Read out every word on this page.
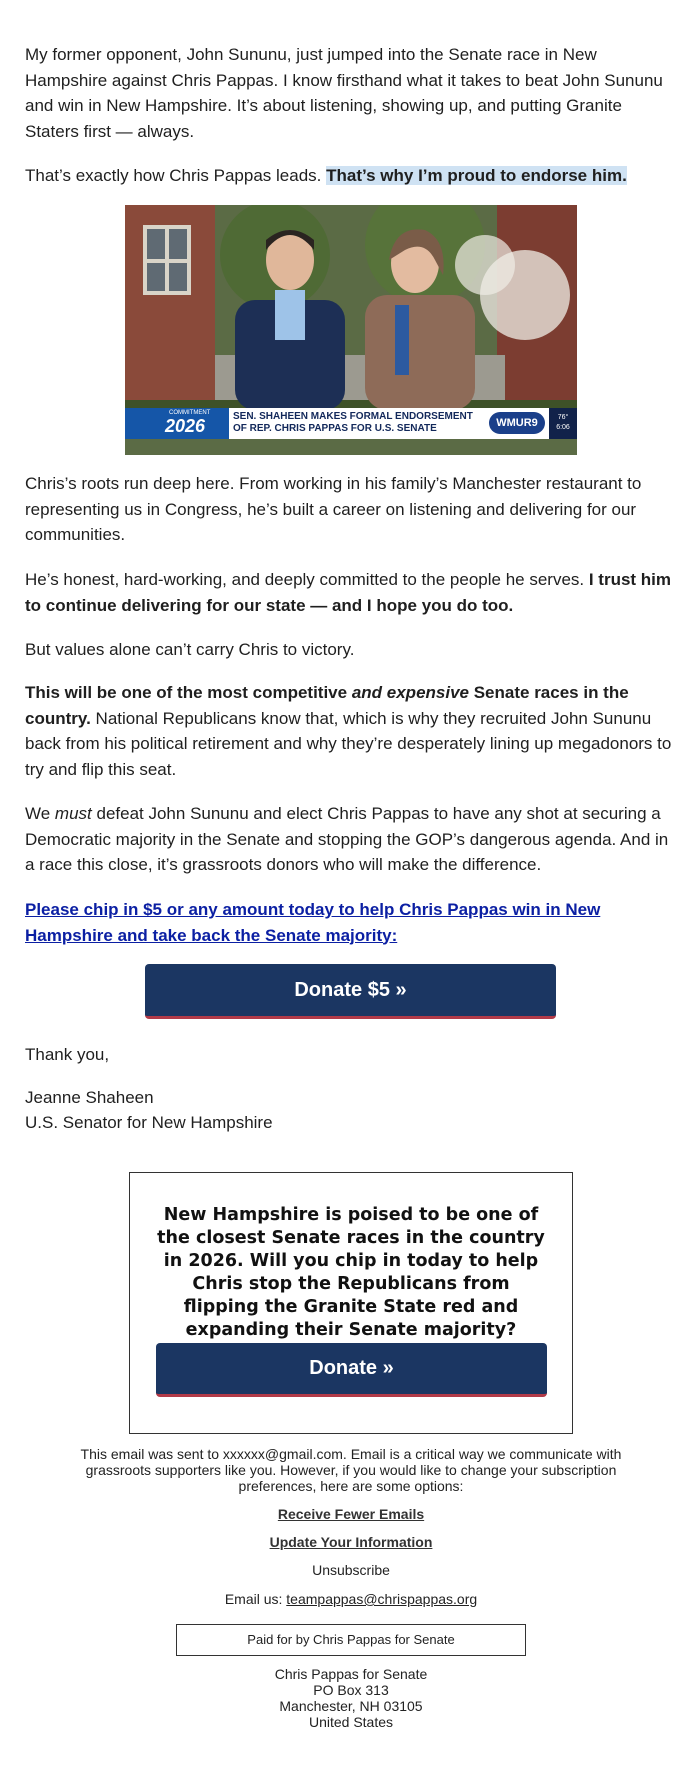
My former opponent, John Sununu, just jumped into the Senate race in New Hampshire against Chris Pappas. I know firsthand what it takes to beat John Sununu and win in New Hampshire. It’s about listening, showing up, and putting Granite Staters first — always.

That’s exactly how Chris Pappas leads. That’s why I’m proud to endorse him.

COMMITMENT
2026	SEN. SHAHEEN MAKES FORMAL ENDORSEMENT
OF REP. CHRIS PAPPAS FOR U.S. SENATE	WMUR9	76°
6:06

Chris’s roots run deep here. From working in his family’s Manchester restaurant to representing us in Congress, he’s built a career on listening and delivering for our communities.

He’s honest, hard-working, and deeply committed to the people he serves. I trust him to continue delivering for our state — and I hope you do too.

But values alone can’t carry Chris to victory.

This will be one of the most competitive and expensive Senate races in the country. National Republicans know that, which is why they recruited John Sununu back from his political retirement and why they’re desperately lining up megadonors to try and flip this seat.

We must defeat John Sununu and elect Chris Pappas to have any shot at securing a Democratic majority in the Senate and stopping the GOP’s dangerous agenda. And in a race this close, it’s grassroots donors who will make the difference.

Please chip in $5 or any amount today to help Chris Pappas win in New Hampshire and take back the Senate majority:

Donate $5 »

Thank you,

Jeanne Shaheen

U.S. Senator for New Hampshire

New Hampshire is poised to be one of the closest Senate races in the country in 2026. Will you chip in today to help Chris stop the Republicans from flipping the Granite State red and expanding their Senate majority?
Donate »
This email was sent to xxxxxx@gmail.com. Email is a critical way we communicate with grassroots supporters like you. However, if you would like to change your subscription preferences, here are some options:
Receive Fewer Emails
Update Your Information
Unsubscribe
Email us: teampappas@chrispappas.org
Paid for by Chris Pappas for Senate
Chris Pappas for Senate
PO Box 313
Manchester, NH 03105
United States
